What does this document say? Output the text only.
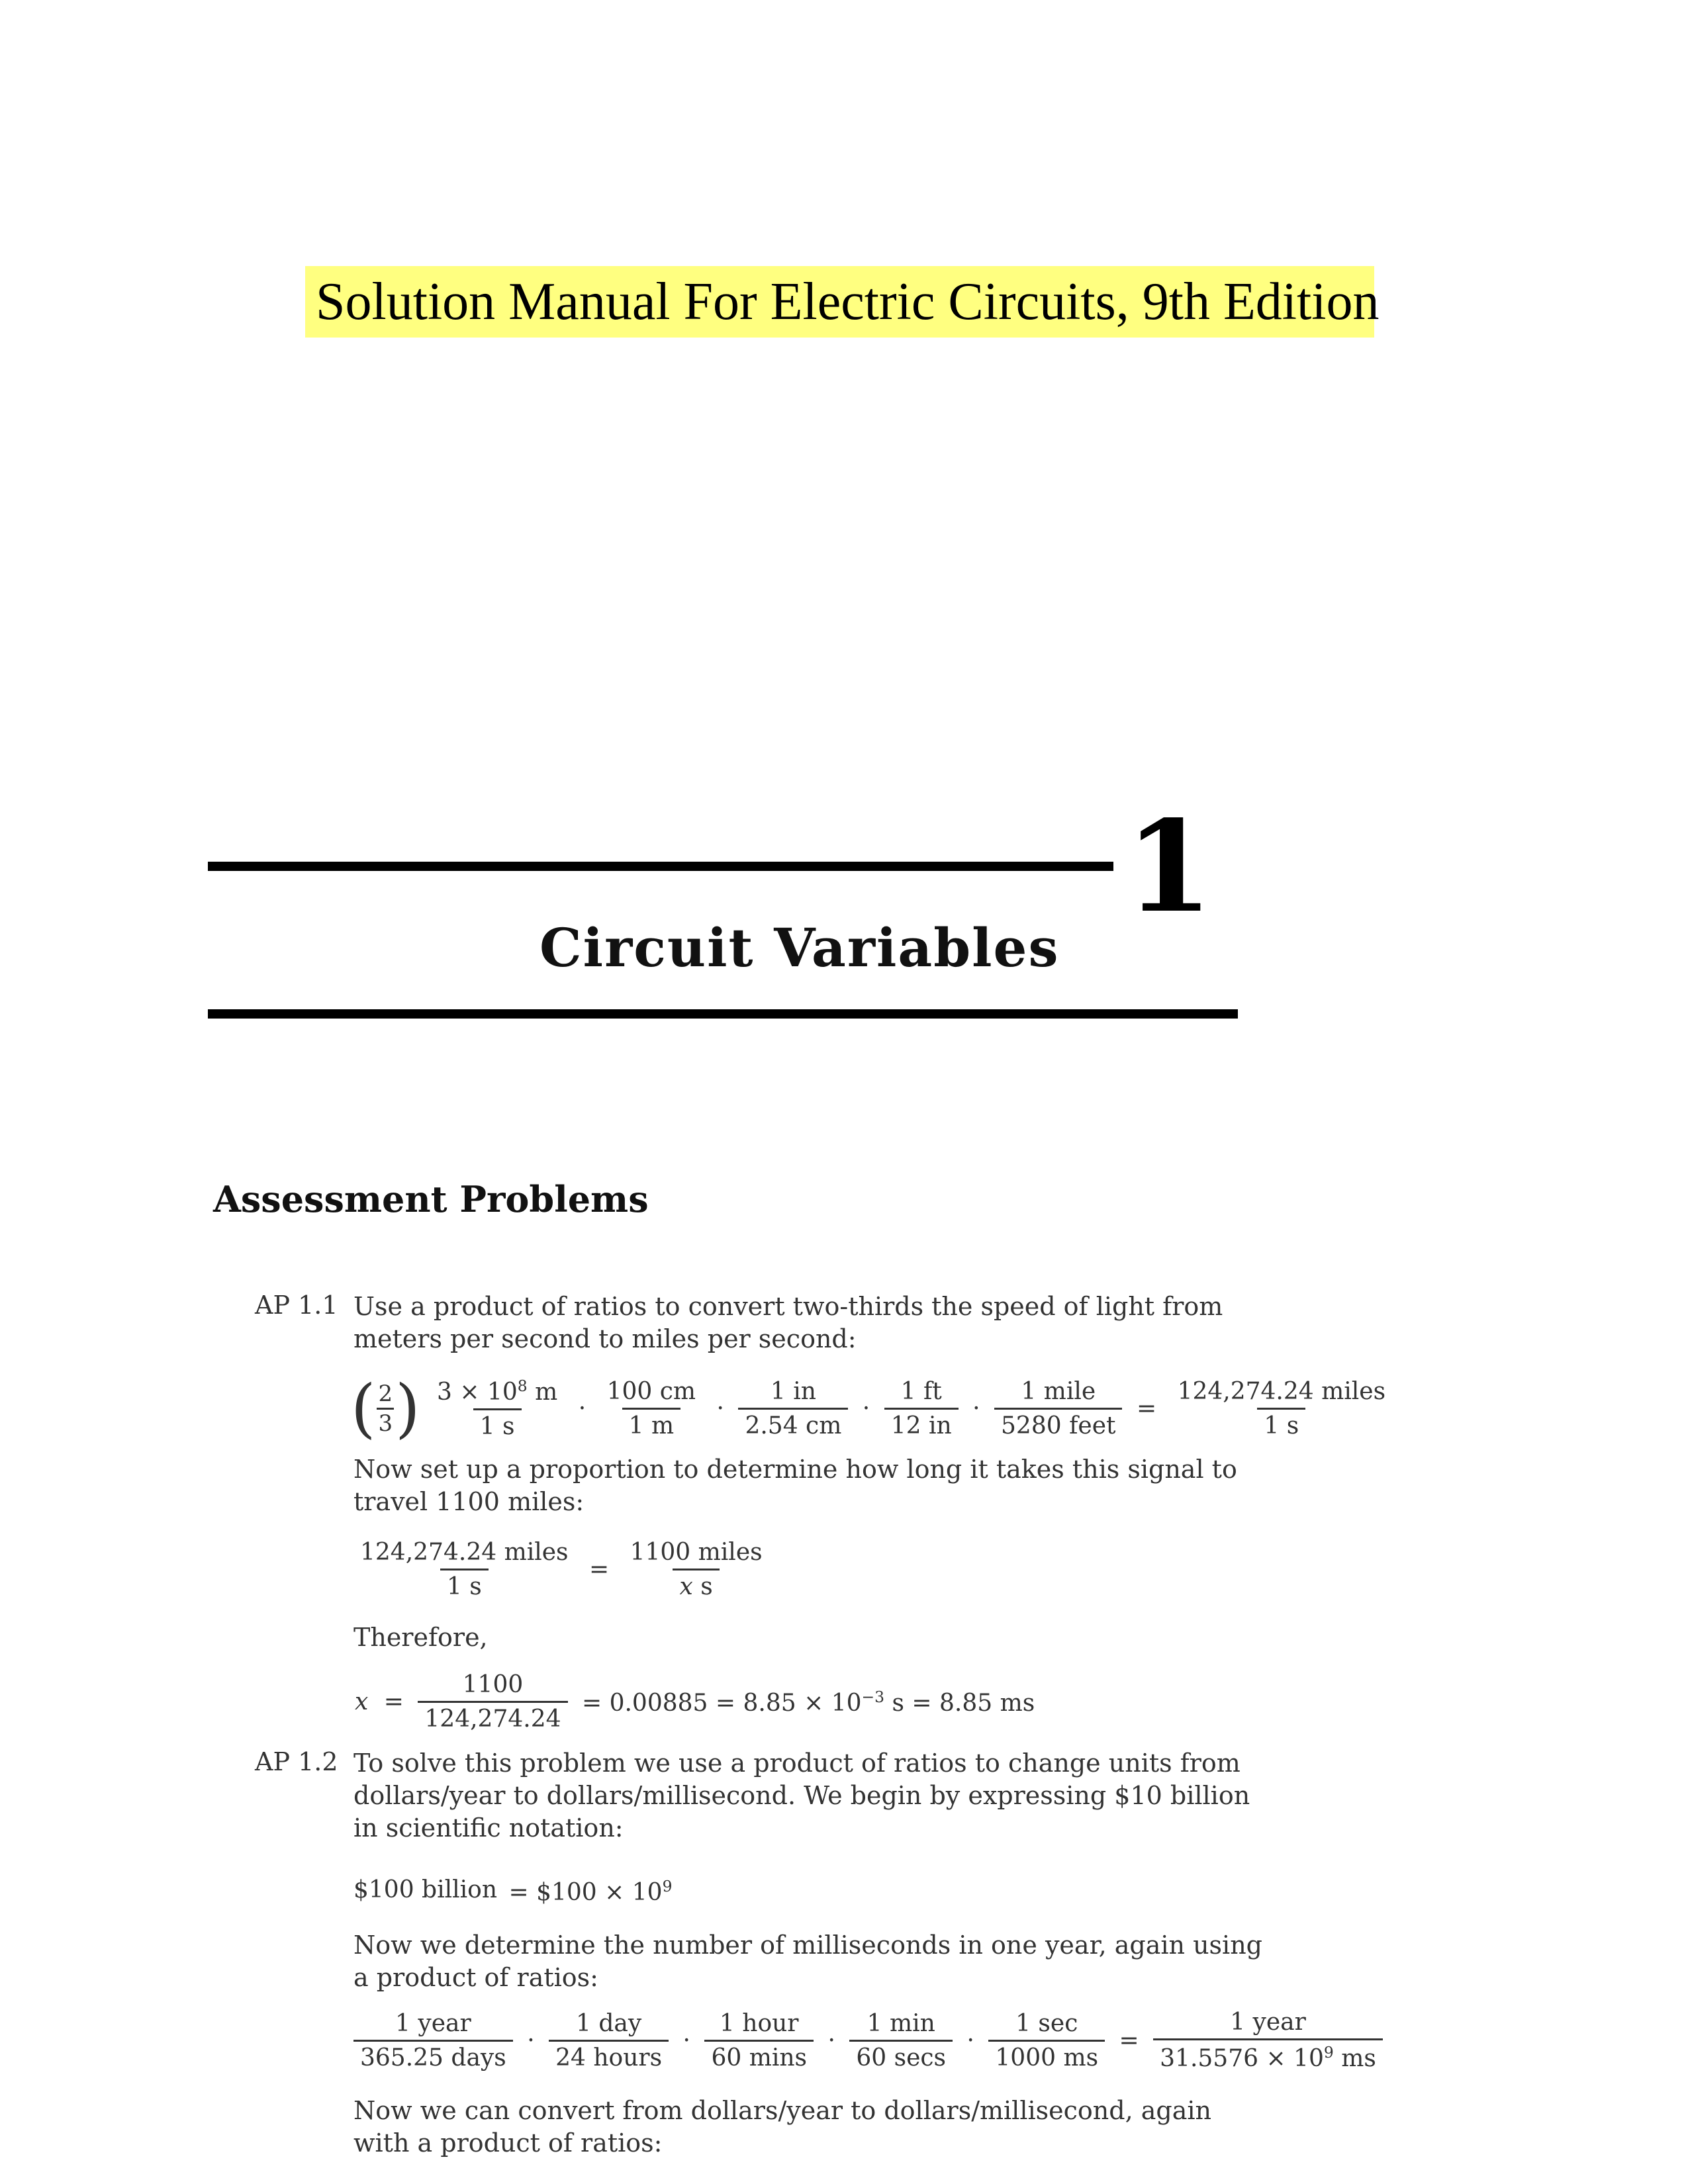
Solution Manual For Electric Circuits, 9th Edition
1
Circuit Variables
Assessment Problems
AP 1.1 Use a product of ratios to convert two-thirds the speed of light from meters per second to miles per second:
( $\frac{2}{3}$ ) $\frac{3 \times 10^8 m}{1 s} \cdot \frac{100 cm}{1 m} \cdot \frac{1 in}{2.54 cm} \cdot \frac{1 ft}{12 in} \cdot \frac{\text{1 mile}}{\text{5280 feet}} = \frac{\text{124,274.24 miles}}{1 s}$
Now set up a proportion to determine how long it takes this signal to travel 1100 miles:
$\frac{\text{124,274.24 miles}}{1 s} = \frac{\text{1100 miles}}{\text{x s}}$
Therefore,
$x = \frac{1100}{124,274.24} = 0.00885 = 8.85 \times 10^{-3}$ s = 8.85 ms
AP 1.2 To solve this problem we use a product of ratios to change units from dollars/year to dollars/millisecond. We begin by expressing $10 billion in scientific notation:
$100 billion = $100 × $10^9$
Now we determine the number of milliseconds in one year, again using a product of ratios:
$\frac{\text{1 year}}{\text{365.25 days}} \cdot \frac{\text{1 day}}{\text{24 hours}} \cdot \frac{\text{1 hour}}{60 \min s} \cdot \frac{1 \min}{60 \sec s} \cdot \frac{1 \sec}{1000 ms} = \frac{\text{1 year}}{31.5576 \times 10^9 ms}$
Now we can convert from dollars/year to dollars/millisecond, again with a product of ratios:
